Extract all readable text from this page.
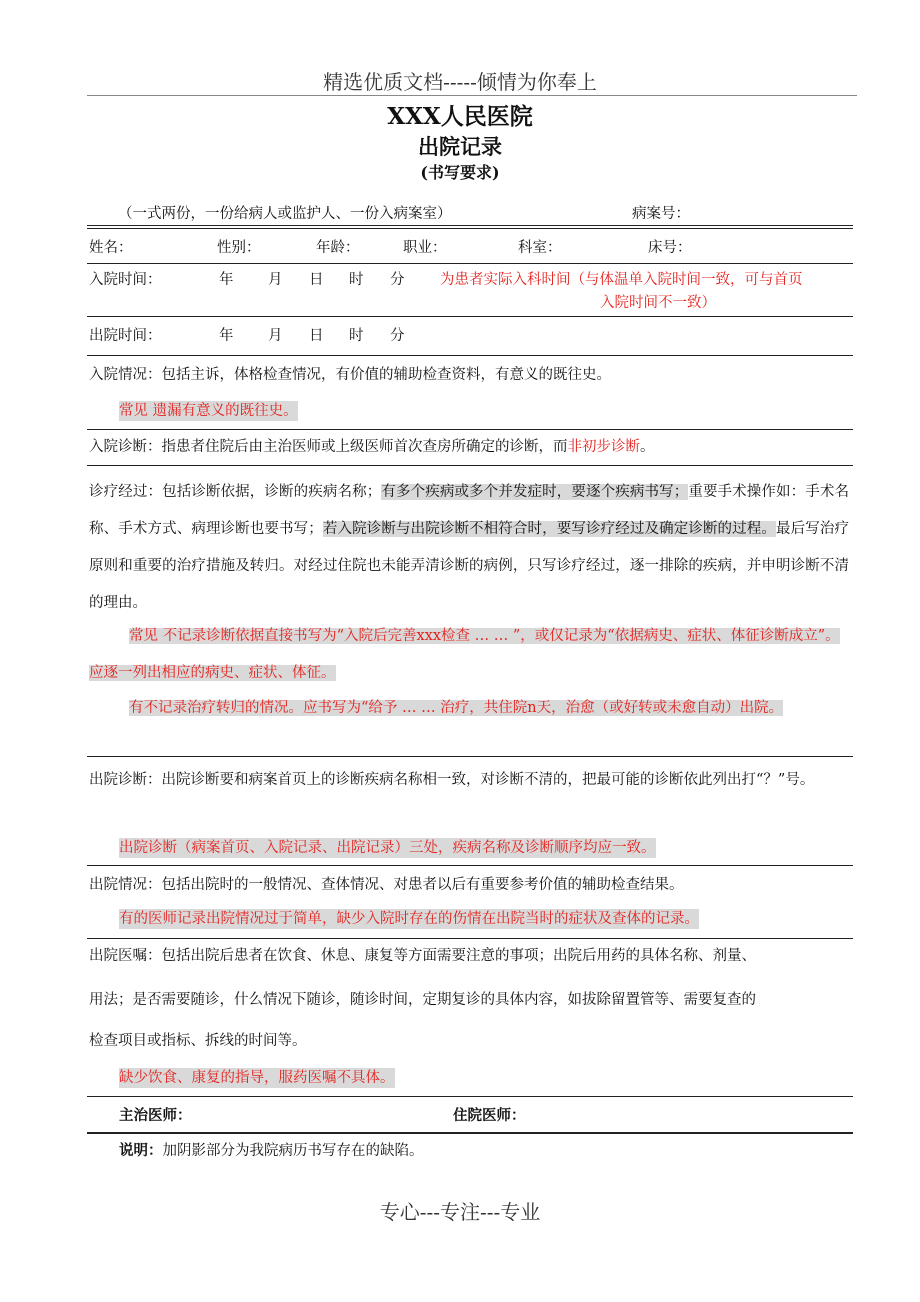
精选优质文档-----倾情为你奉上
XXX人民医院
出院记录
(书写要求)
（一式两份，一份给病人或监护人、一份入病案室）	病案号：
姓名：	性别：	年龄：	职业：	科室：	床号：
入院时间：	年 月 日 时 分 为患者实际入科时间（与体温单入院时间一致，可与首页
入院时间不一致）
出院时间：	年 月 日 时 分
入院情况：包括主诉，体格检查情况，有价值的辅助检查资料，有意义的既往史。
常见 遗漏有意义的既往史。
入院诊断：指患者住院后由主治医师或上级医师首次查房所确定的诊断，而非初步诊断。
诊疗经过：包括诊断依据，诊断的疾病名称；有多个疾病或多个并发症时，要逐个疾病书写；重要手术操作如：手术名称、手术方式、病理诊断也要书写；若入院诊断与出院诊断不相符合时，要写诊疗经过及确定诊断的过程。最后写治疗原则和重要的治疗措施及转归。对经过住院也未能弄清诊断的病例，只写诊疗经过，逐一排除的疾病，并申明诊断不清的理由。
常见 不记录诊断依据直接书写为“入院后完善xxx检查 … … ”，或仅记录为“依据病史、症状、体征诊断成立”。应逐一列出相应的病史、症状、体征。
有不记录治疗转归的情况。应书写为“给予 … … 治疗，共住院n天，治愈（或好转或未愈自动）出院。
出院诊断：出院诊断要和病案首页上的诊断疾病名称相一致，对诊断不清的，把最可能的诊断依此列出打“？”号。
出院诊断（病案首页、入院记录、出院记录）三处，疾病名称及诊断顺序均应一致。
出院情况：包括出院时的一般情况、查体情况、对患者以后有重要参考价值的辅助检查结果。
有的医师记录出院情况过于简单，缺少入院时存在的伤情在出院当时的症状及查体的记录。
出院医嘱：包括出院后患者在饮食、休息、康复等方面需要注意的事项；出院后用药的具体名称、剂量、
用法；是否需要随诊，什么情况下随诊，随诊时间，定期复诊的具体内容，如拔除留置管等、需要复查的
检查项目或指标、拆线的时间等。
缺少饮食、康复的指导，服药医嘱不具体。
主治医师：	住院医师：
说明：加阴影部分为我院病历书写存在的缺陷。
专心---专注---专业
